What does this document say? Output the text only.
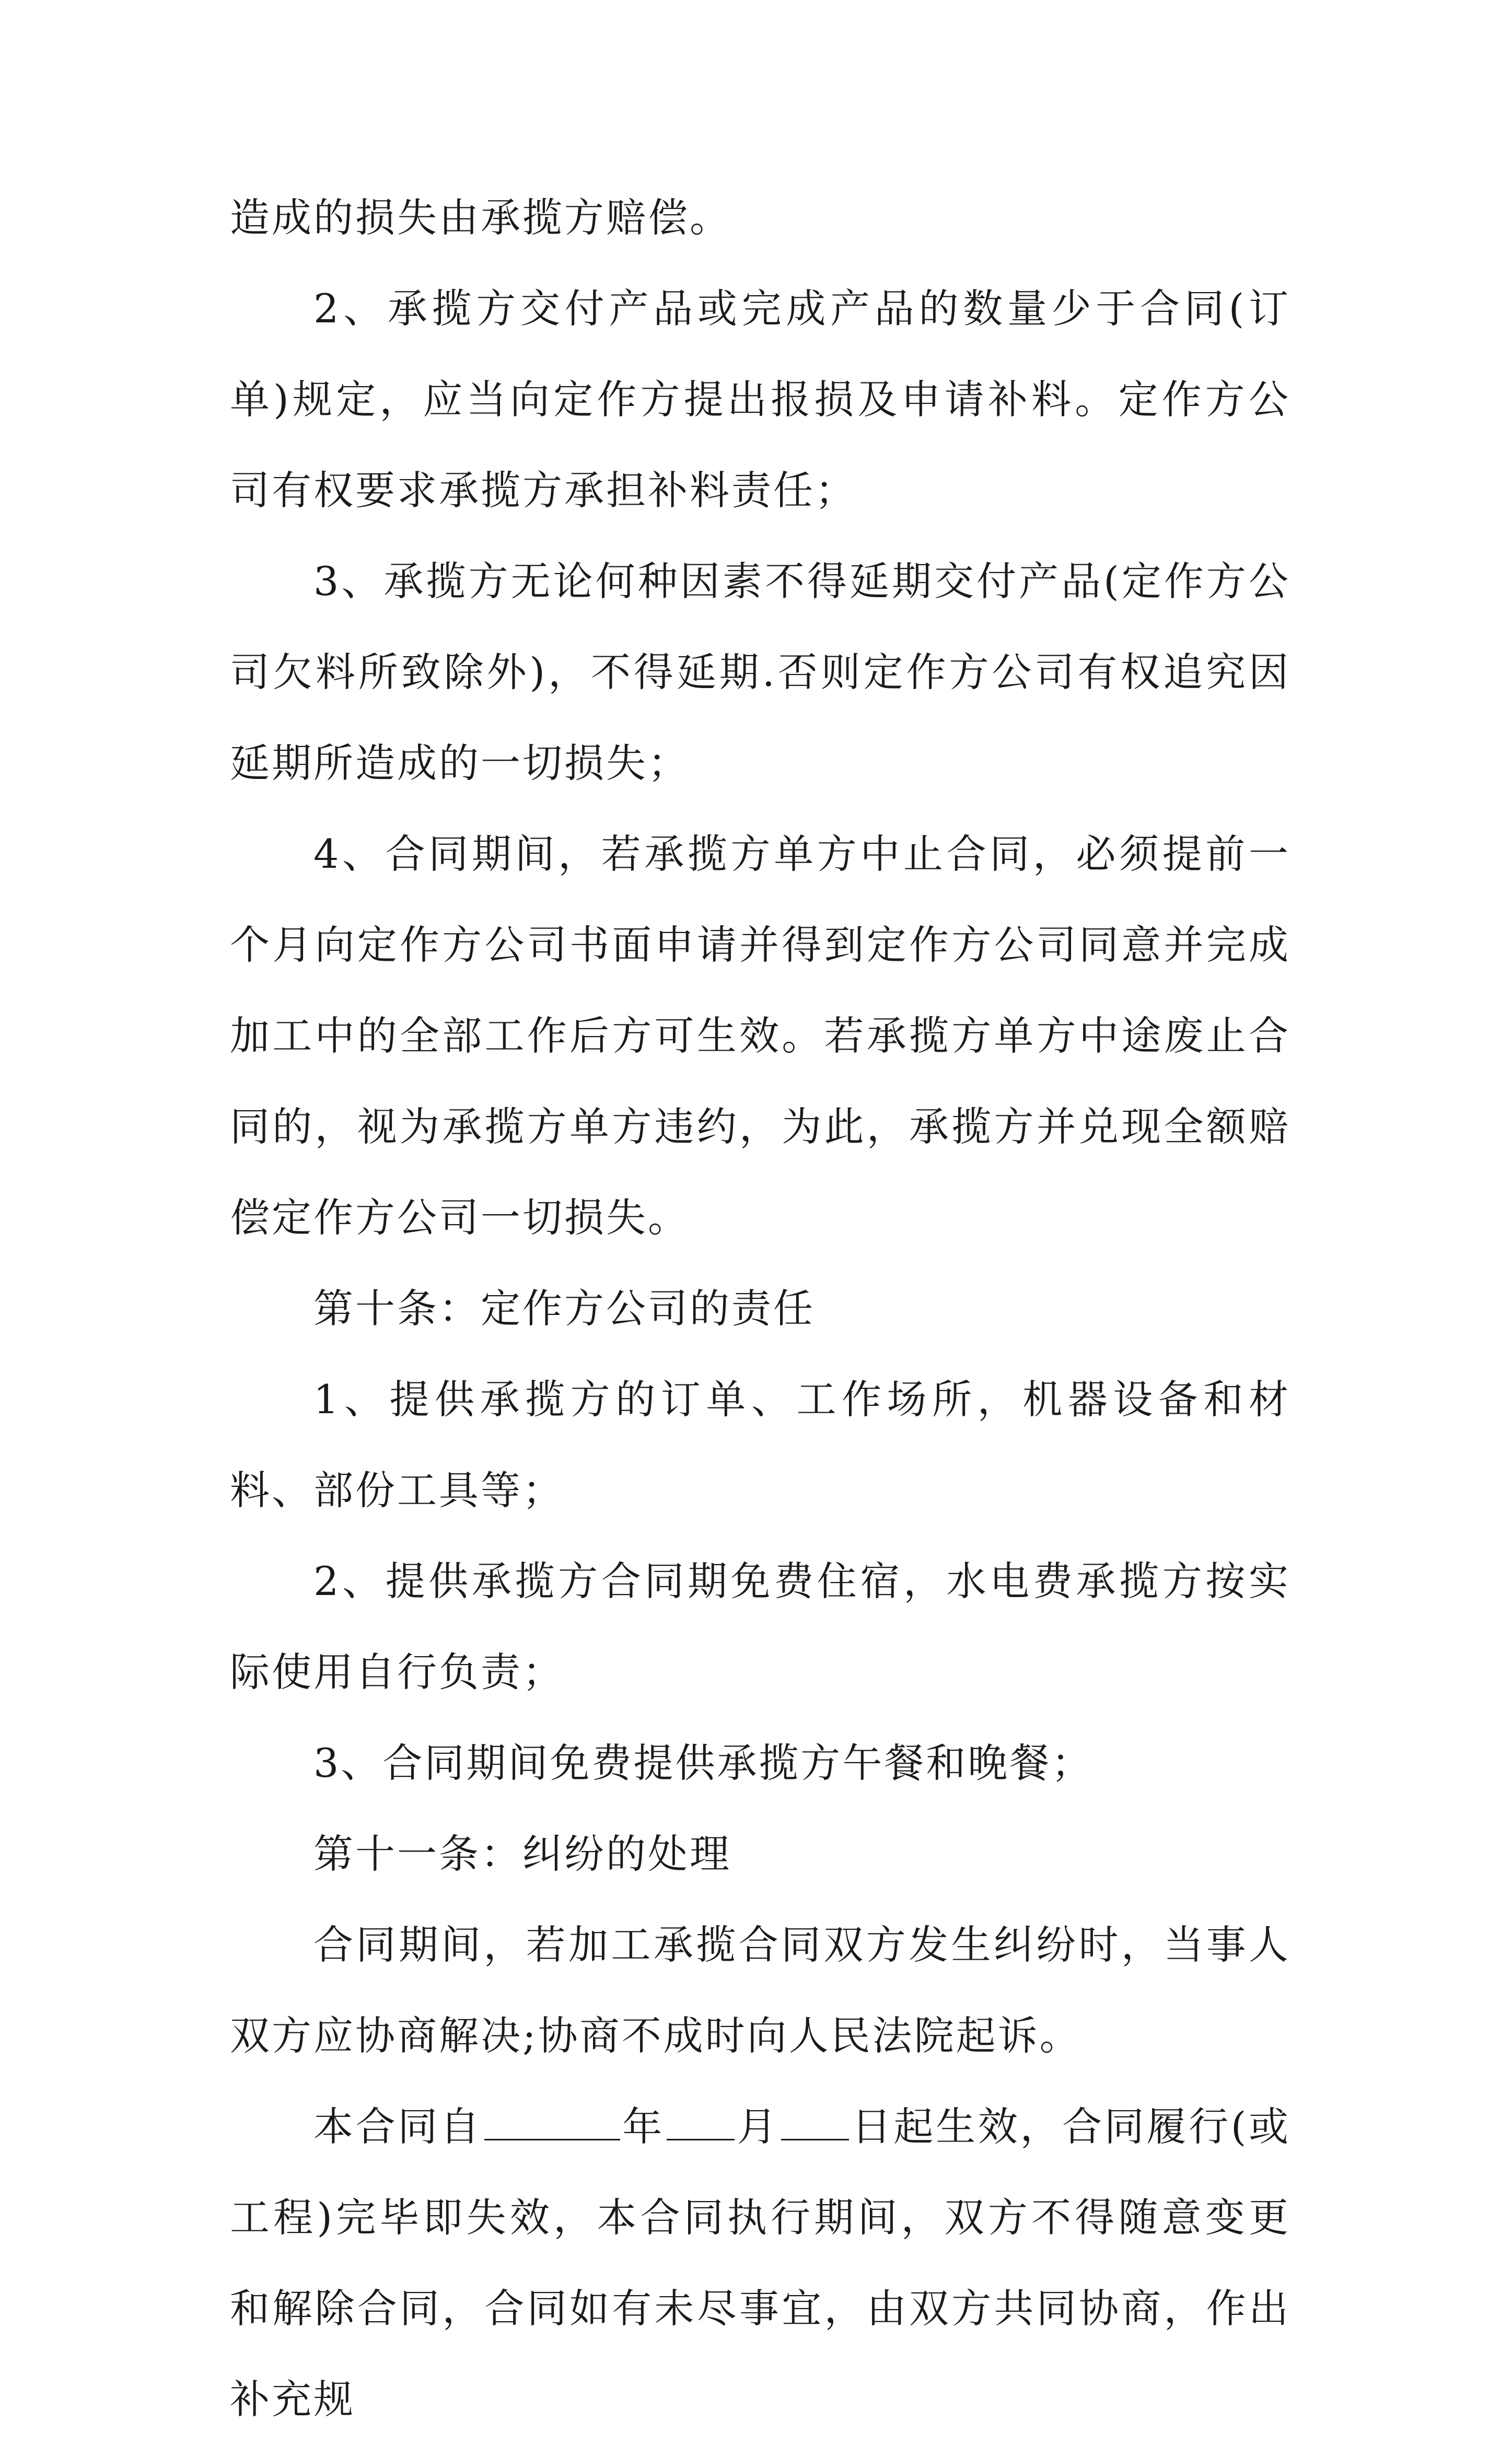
造成的损失由承揽方赔偿。

2、承揽方交付产品或完成产品的数量少于合同(订单)规定，应当向定作方提出报损及申请补料。定作方公司有权要求承揽方承担补料责任；

3、承揽方无论何种因素不得延期交付产品(定作方公司欠料所致除外)，不得延期.否则定作方公司有权追究因延期所造成的一切损失；

4、合同期间，若承揽方单方中止合同，必须提前一个月向定作方公司书面申请并得到定作方公司同意并完成加工中的全部工作后方可生效。若承揽方单方中途废止合同的，视为承揽方单方违约，为此，承揽方并兑现全额赔偿定作方公司一切损失。

第十条：定作方公司的责任

1、提供承揽方的订单、工作场所，机器设备和材料、部份工具等；

2、提供承揽方合同期免费住宿，水电费承揽方按实际使用自行负责；

3、合同期间免费提供承揽方午餐和晚餐；

第十一条：纠纷的处理

合同期间，若加工承揽合同双方发生纠纷时，当事人双方应协商解决;协商不成时向人民法院起诉。

本合同自	年 月 日起生效，合同履行(或工程)完毕即失效，本合同执行期间，双方不得随意变更和解除合同，合同如有未尽事宜，由双方共同协商，作出补充规
